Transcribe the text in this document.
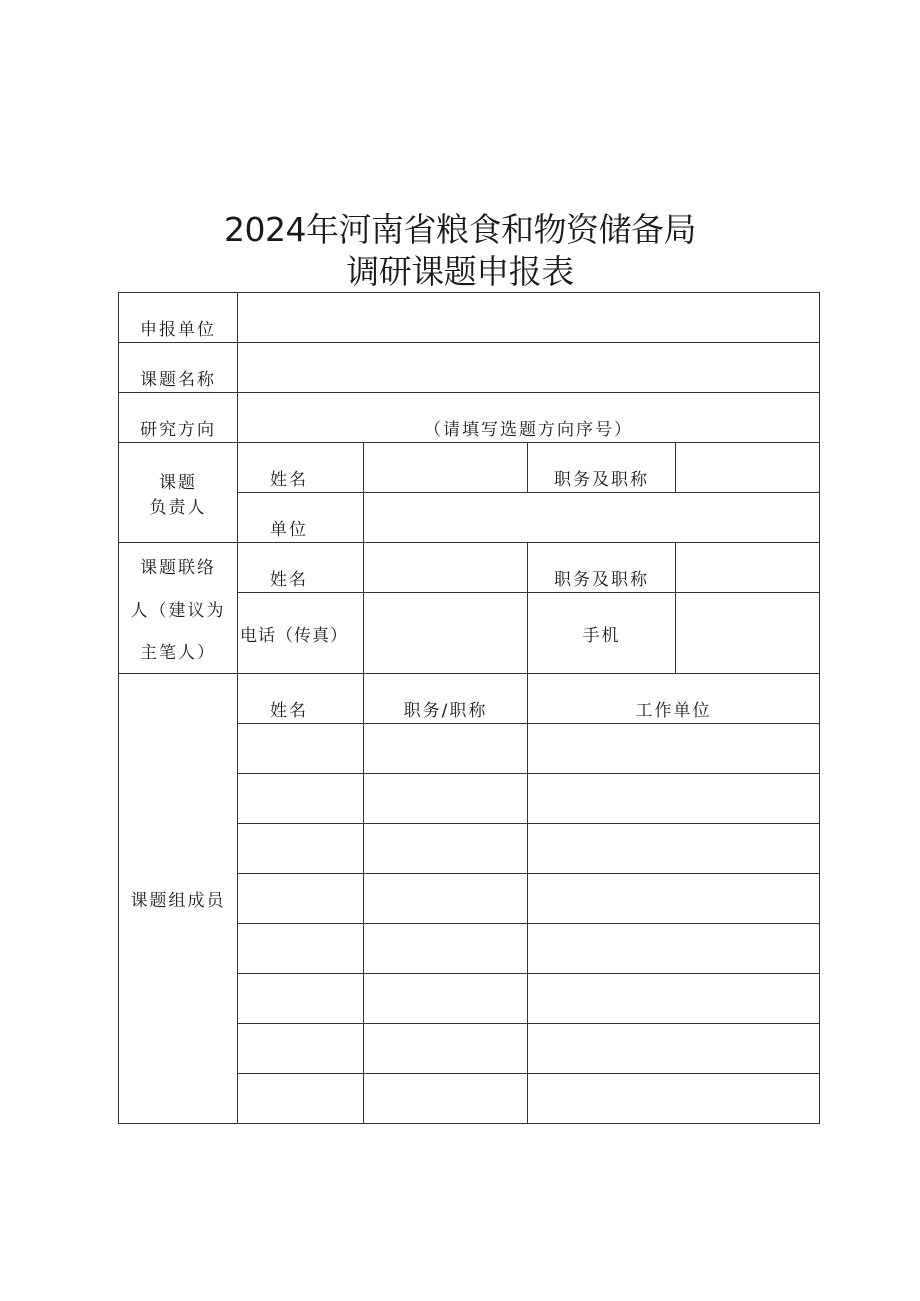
2024年河南省粮食和物资储备局
调研课题申报表
申报单位				
课题名称				
研究方向	（请填写选题方向序号）			

课题
负责人	姓名		职务及职称	
	单位			

课题联络
人（建议为
主笔人）	姓名		职务及职称	
	电话（传真）		手机	
课题组成员	姓名	职务/职称	工作单位	
